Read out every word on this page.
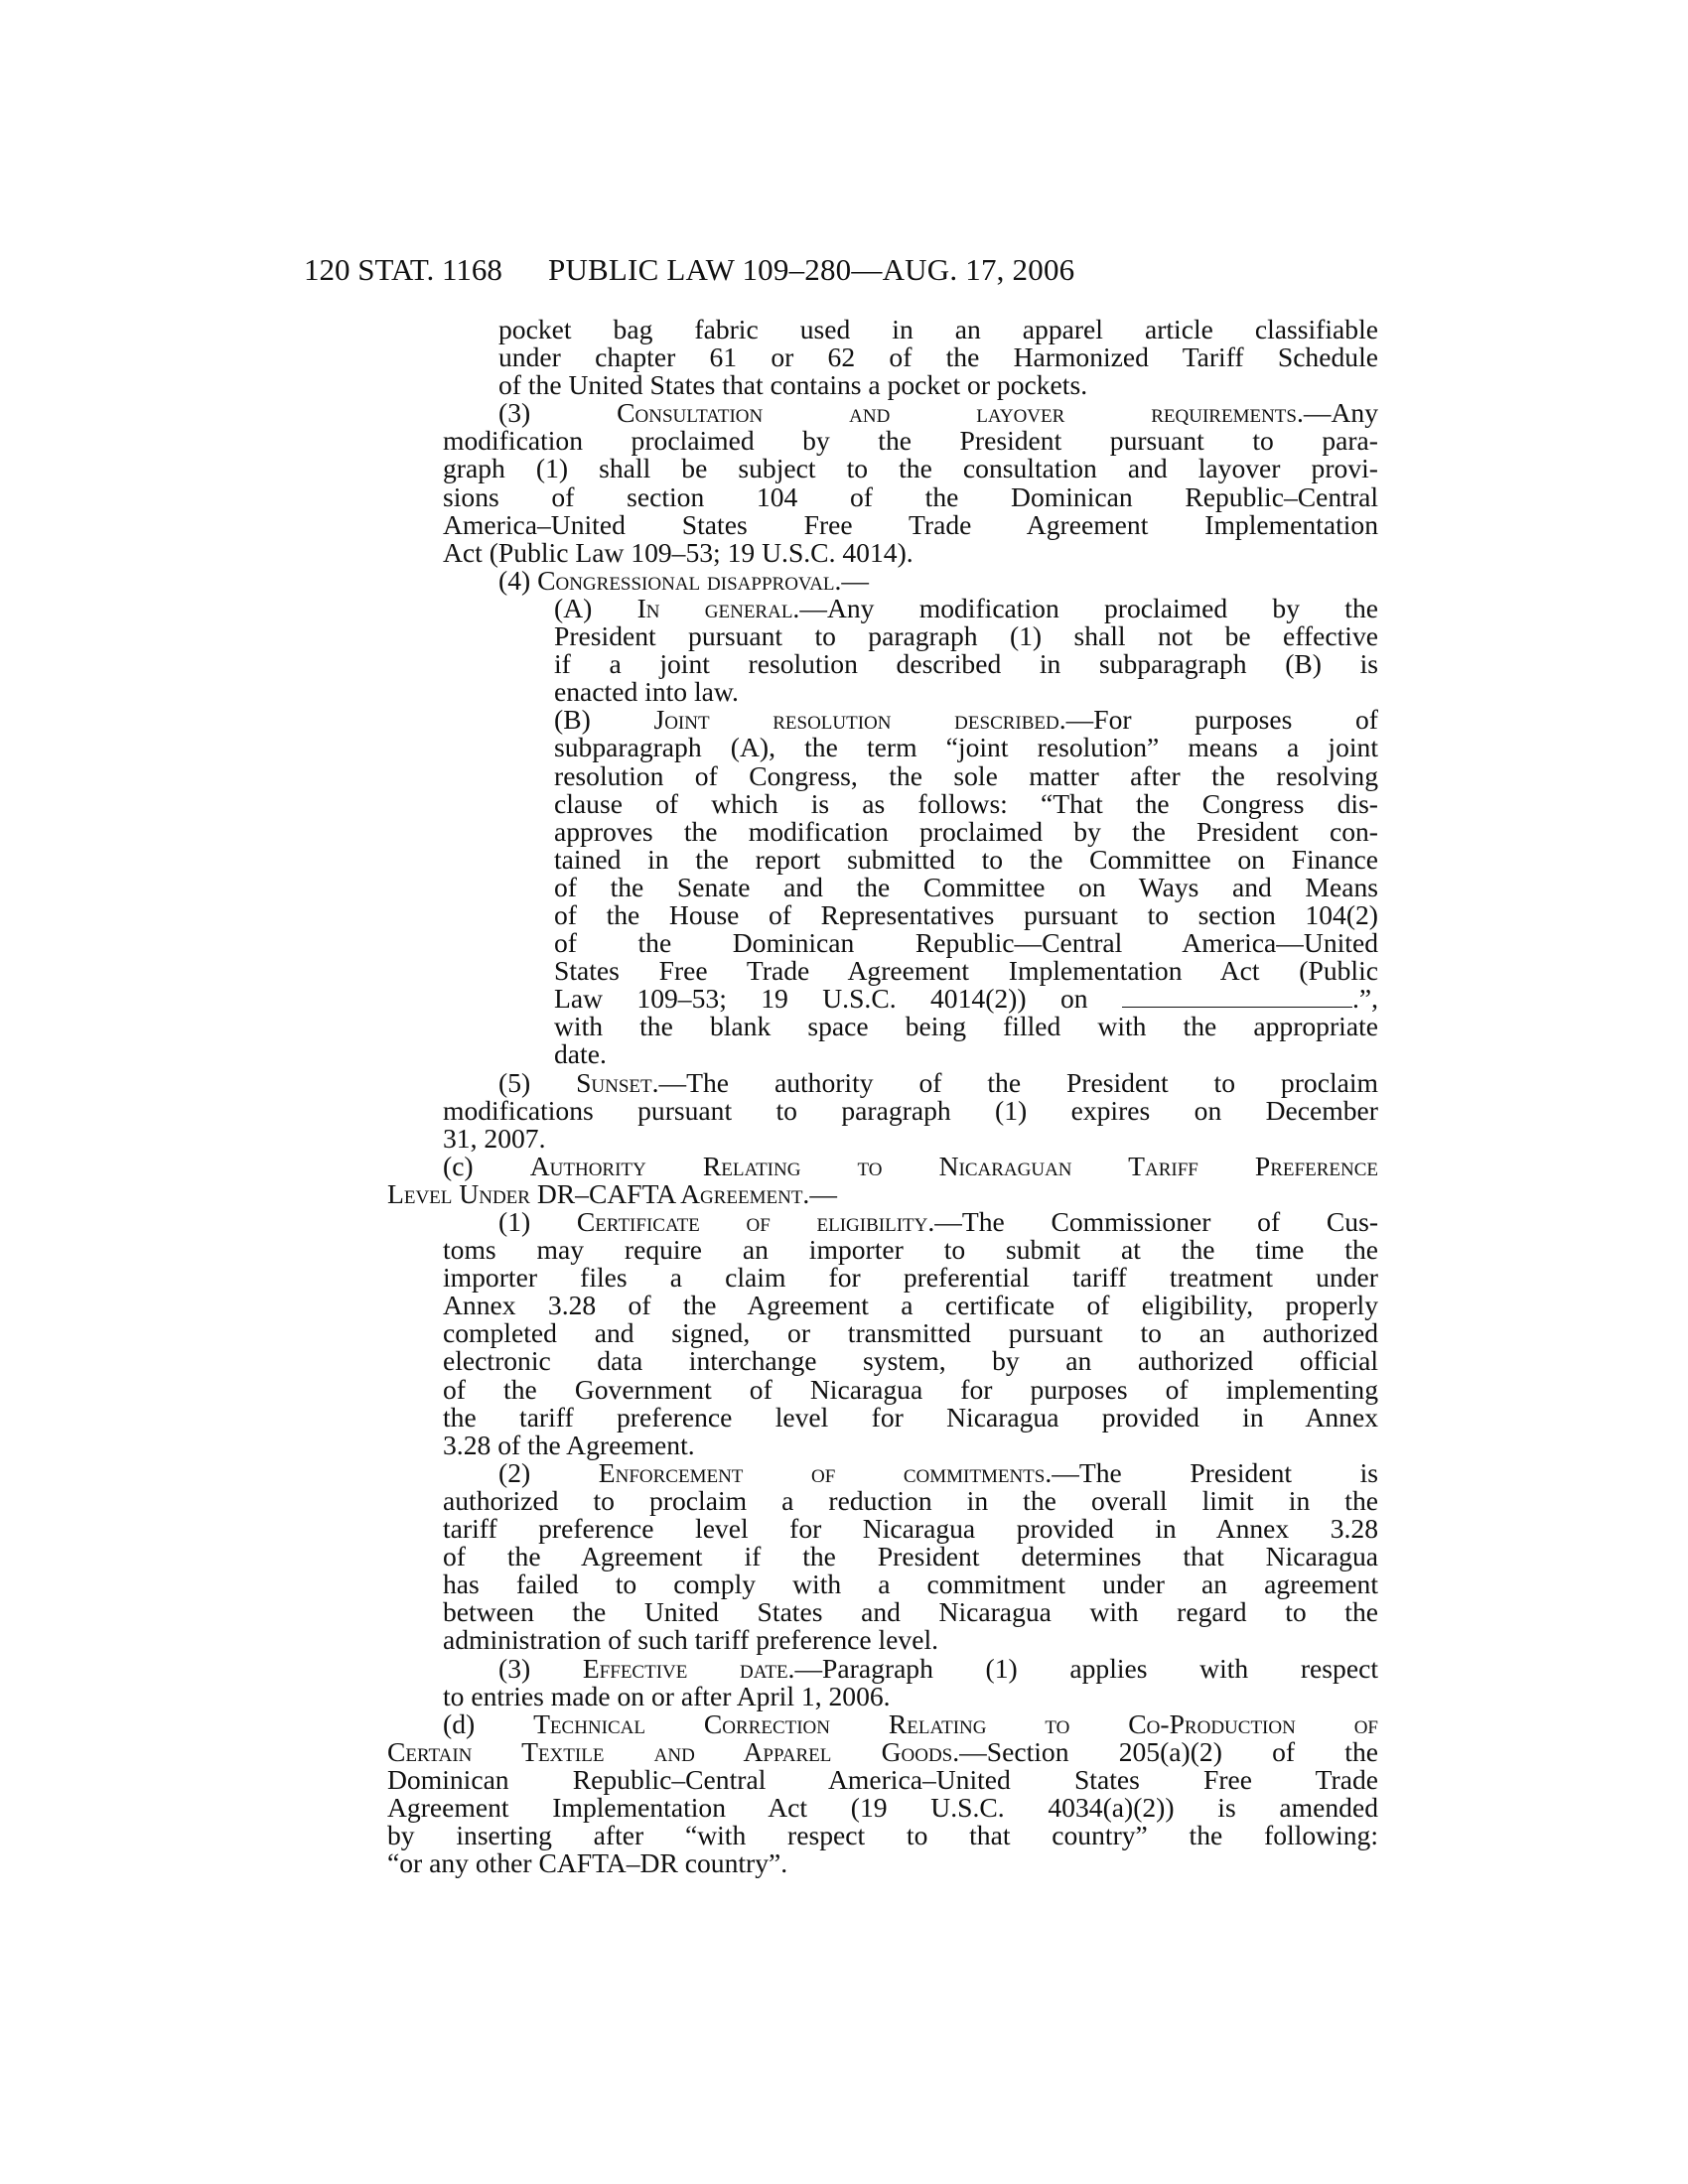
120 STAT. 1168 PUBLIC LAW 109–280—AUG. 17, 2006
pocket bag fabric used in an apparel article classifiable
under chapter 61 or 62 of the Harmonized Tariff Schedule
of the United States that contains a pocket or pockets.
(3) Consultation and layover requirements.—Any
modification proclaimed by the President pursuant to para-
graph (1) shall be subject to the consultation and layover provi-
sions of section 104 of the Dominican Republic–Central
America–United States Free Trade Agreement Implementation
Act (Public Law 109–53; 19 U.S.C. 4014).
(4) Congressional disapproval.—
(A) In general.—Any modification proclaimed by the
President pursuant to paragraph (1) shall not be effective
if a joint resolution described in subparagraph (B) is
enacted into law.
(B) Joint resolution described.—For purposes of
subparagraph (A), the term “joint resolution” means a joint
resolution of Congress, the sole matter after the resolving
clause of which is as follows: “That the Congress dis-
approves the modification proclaimed by the President con-
tained in the report submitted to the Committee on Finance
of the Senate and the Committee on Ways and Means
of the House of Representatives pursuant to section 104(2)
of the Dominican Republic—Central America—United
States Free Trade Agreement Implementation Act (Public
Law 109–53; 19 U.S.C. 4014(2)) on	.”,
with the blank space being filled with the appropriate
date.
(5) Sunset.—The authority of the President to proclaim
modifications pursuant to paragraph (1) expires on December
31, 2007.
(c) Authority Relating to Nicaraguan Tariff Preference
Level Under DR–CAFTA Agreement.—
(1) Certificate of eligibility.—The Commissioner of Cus-
toms may require an importer to submit at the time the
importer files a claim for preferential tariff treatment under
Annex 3.28 of the Agreement a certificate of eligibility, properly
completed and signed, or transmitted pursuant to an authorized
electronic data interchange system, by an authorized official
of the Government of Nicaragua for purposes of implementing
the tariff preference level for Nicaragua provided in Annex
3.28 of the Agreement.
(2) Enforcement of commitments.—The President is
authorized to proclaim a reduction in the overall limit in the
tariff preference level for Nicaragua provided in Annex 3.28
of the Agreement if the President determines that Nicaragua
has failed to comply with a commitment under an agreement
between the United States and Nicaragua with regard to the
administration of such tariff preference level.
(3) Effective date.—Paragraph (1) applies with respect
to entries made on or after April 1, 2006.
(d) Technical Correction Relating to Co-Production of
Certain Textile and Apparel Goods.—Section 205(a)(2) of the
Dominican Republic–Central America–United States Free Trade
Agreement Implementation Act (19 U.S.C. 4034(a)(2)) is amended
by inserting after “with respect to that country” the following:
“or any other CAFTA–DR country”.
